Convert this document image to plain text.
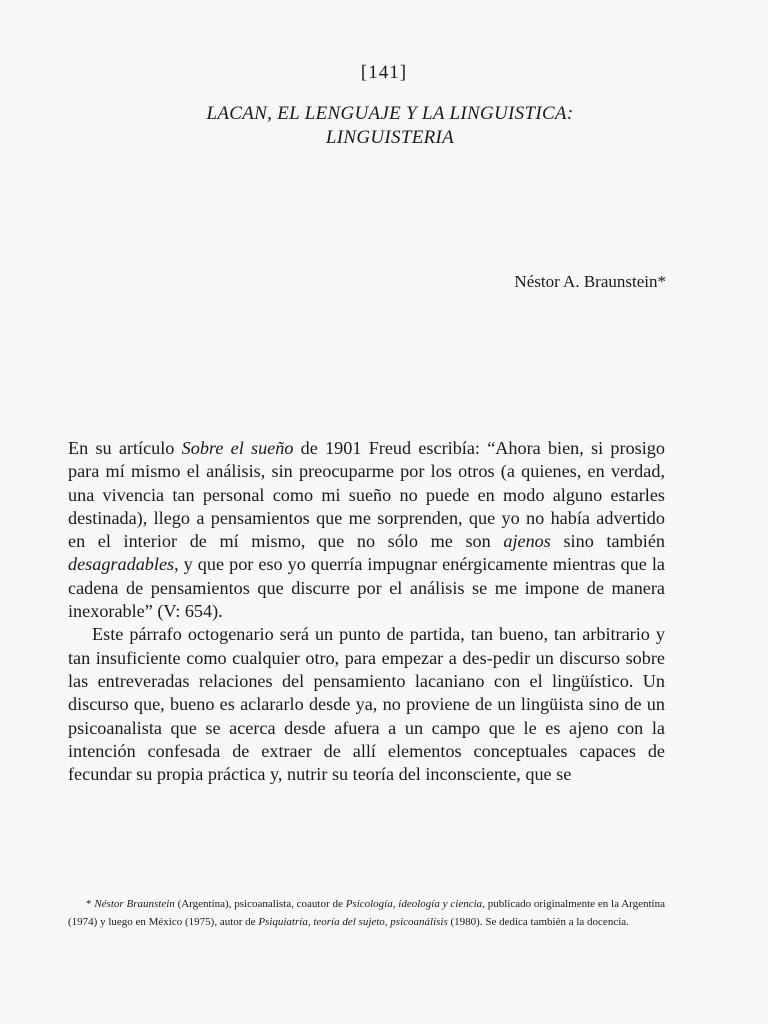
[141]
LACAN, EL LENGUAJE Y LA LINGUISTICA:
LINGUISTERIA
Néstor A. Braunstein*

En su artículo Sobre el sueño de 1901 Freud escribía: “Ahora bien, si prosigo para mí mismo el análisis, sin preocuparme por los otros (a quienes, en verdad, una vivencia tan personal como mi sueño no puede en modo alguno estarles destinada), llego a pensamientos que me sorprenden, que yo no había advertido en el interior de mí mismo, que no sólo me son ajenos sino también desagradables, y que por eso yo querría impugnar enérgicamente mientras que la cadena de pensamientos que discurre por el análisis se me impone de manera inexorable” (V: 654).

Este párrafo octogenario será un punto de partida, tan bueno, tan arbitrario y tan insuficiente como cualquier otro, para empezar a des-pedir un discurso sobre las entreveradas relaciones del pensamiento lacaniano con el lingüístico. Un discurso que, bueno es aclararlo desde ya, no proviene de un lingüista sino de un psicoanalista que se acerca desde afuera a un campo que le es ajeno con la intención confesada de extraer de allí elementos conceptuales capaces de fecundar su propia práctica y, nutrir su teoría del inconsciente, que se

* Néstor Braunstein (Argentina), psicoanalista, coautor de Psicología, ideología y ciencia, publicado originalmente en la Argentina (1974) y luego en México (1975), autor de Psiquiatría, teoría del sujeto, psicoanálisis (1980). Se dedica también a la docencia.
